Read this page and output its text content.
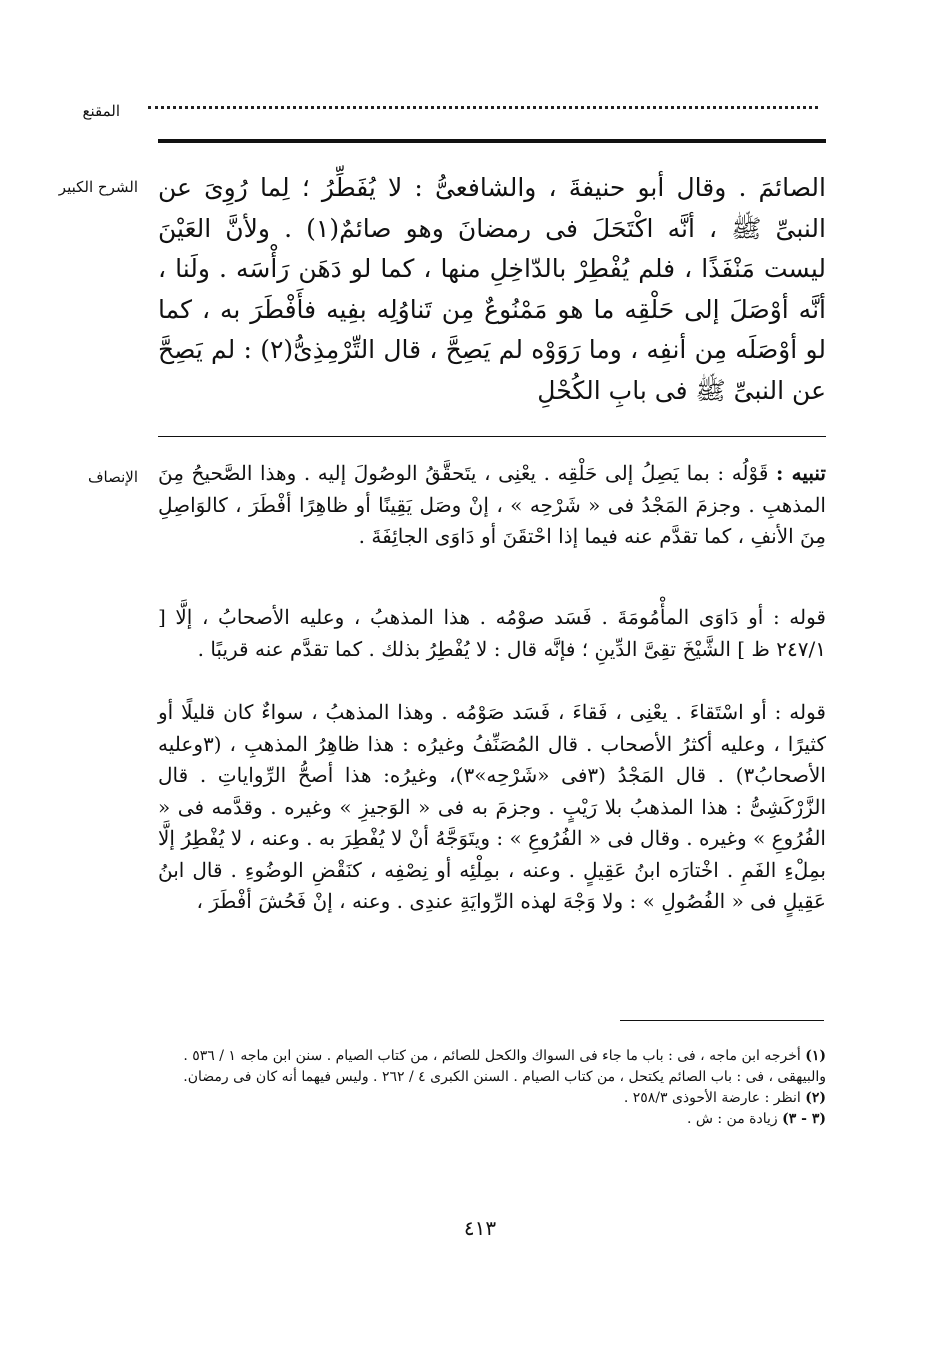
المقنع
الشرح الكبير
الإنصاف
الصائمَ . وقال أبو حنيفةَ ، والشافعىُّ : لا يُفَطِّرُ ؛ لِما رُوِىَ عن النبىِّ ﷺ ، أنَّه اكْتَحَلَ فى رمضانَ وهو صائمٌ(١) . ولأنَّ العَيْنَ ليست مَنْفَذًا ، فلم يُفْطِرْ بالدّاخِلِ منها ، كما لو دَهَن رَأْسَه . ولَنا ، أنَّه أوْصَلَ إلى حَلْقِه ما هو مَمْنُوعٌ مِن تَناوُلِه بفِيه فأَفْطَرَ به ، كما لو أوْصَلَه مِن أنفِه ، وما رَوَوْه لم يَصِحَّ ، قال التِّرْمِذِىُّ(٢) : لم يَصِحَّ عن النبىِّ ﷺ فى بابِ الكُحْلِ

تنبيه : قَوْلُه : بما يَصِلُ إلى حَلْقِه . يعْنِى ، يتَحقَّقُ الوصُولَ إليه . وهذا الصَّحيحُ مِنَ المذهبِ . وجزمَ المَجْدُ فى « شَرْحِه » ، إنْ وصَل يَقِينًا أو ظاهِرًا أفْطَرَ ، كالوَاصِلِ مِنَ الأنفِ ، كما تقدَّم عنه فيما إذا احْتقَنَ أو دَاوَى الجائِفَةَ .

قوله : أو دَاوَى المأْمُومَةَ . فَسَد صوْمُه . هذا المذهبُ ، وعليه الأصحابُ ، إلَّا [ ٢٤٧/١ ظ ] الشَّيْخَ تقِىَّ الدِّينِ ؛ فإنَّه قال : لا يُفْطِرُ بذلك . كما تقدَّم عنه قريبًا .

قوله : أو اسْتَقاءَ . يعْنِى ، فَقاءَ ، فَسَد صَوْمُه . وهذا المذهبُ ، سواءٌ كان قليلًا أو كثيرًا ، وعليه أكثرُ الأصحاب . قال المُصَنِّفُ وغيرُه : هذا ظاهِرُ المذهبِ ، (٣وعليه الأصحابُ٣) . قال المَجْدُ (٣فى «شَرْحِه»٣)، وغيرُه: هذا أصحُّ الرِّواياتِ . قال الزَّرْكَشِىُّ : هذا المذهبُ بلا رَيْبٍ . وجزمَ به فى « الوَجيزِ » وغيره . وقدَّمه فى « الفُرُوعِ » وغيره . وقال فى « الفُرُوعِ » : ويتَوَجَّهُ أنْ لا يُفْطِرَ به . وعنه ، لا يُفْطِرُ إلَّا بمِلْءِ الفَمِ . اخْتارَه ابنُ عَقِيلٍ . وعنه ، بمِلْئِه أو نِصْفِه ، كنَقْضِ الوضُوءِ . قال ابنُ عَقِيلٍ فى « الفُصُولِ » : ولا وَجْهَ لهذه الرِّوايَةِ عندِى . وعنه ، إنْ فَحُشَ أفْطَرَ ،

(١) أخرجه ابن ماجه ، فى : باب ما جاء فى السواك والكحل للصائم ، من كتاب الصيام . سنن ابن ماجه ١ / ٥٣٦ . والبيهقى ، فى : باب الصائم يكتحل ، من كتاب الصيام . السنن الكبرى ٤ / ٢٦٢ . وليس فيهما أنه كان فى رمضان.

(٢) انظر : عارضة الأحوذى ٢٥٨/٣ .

(٣ - ٣) زيادة من : ش .

٤١٣
